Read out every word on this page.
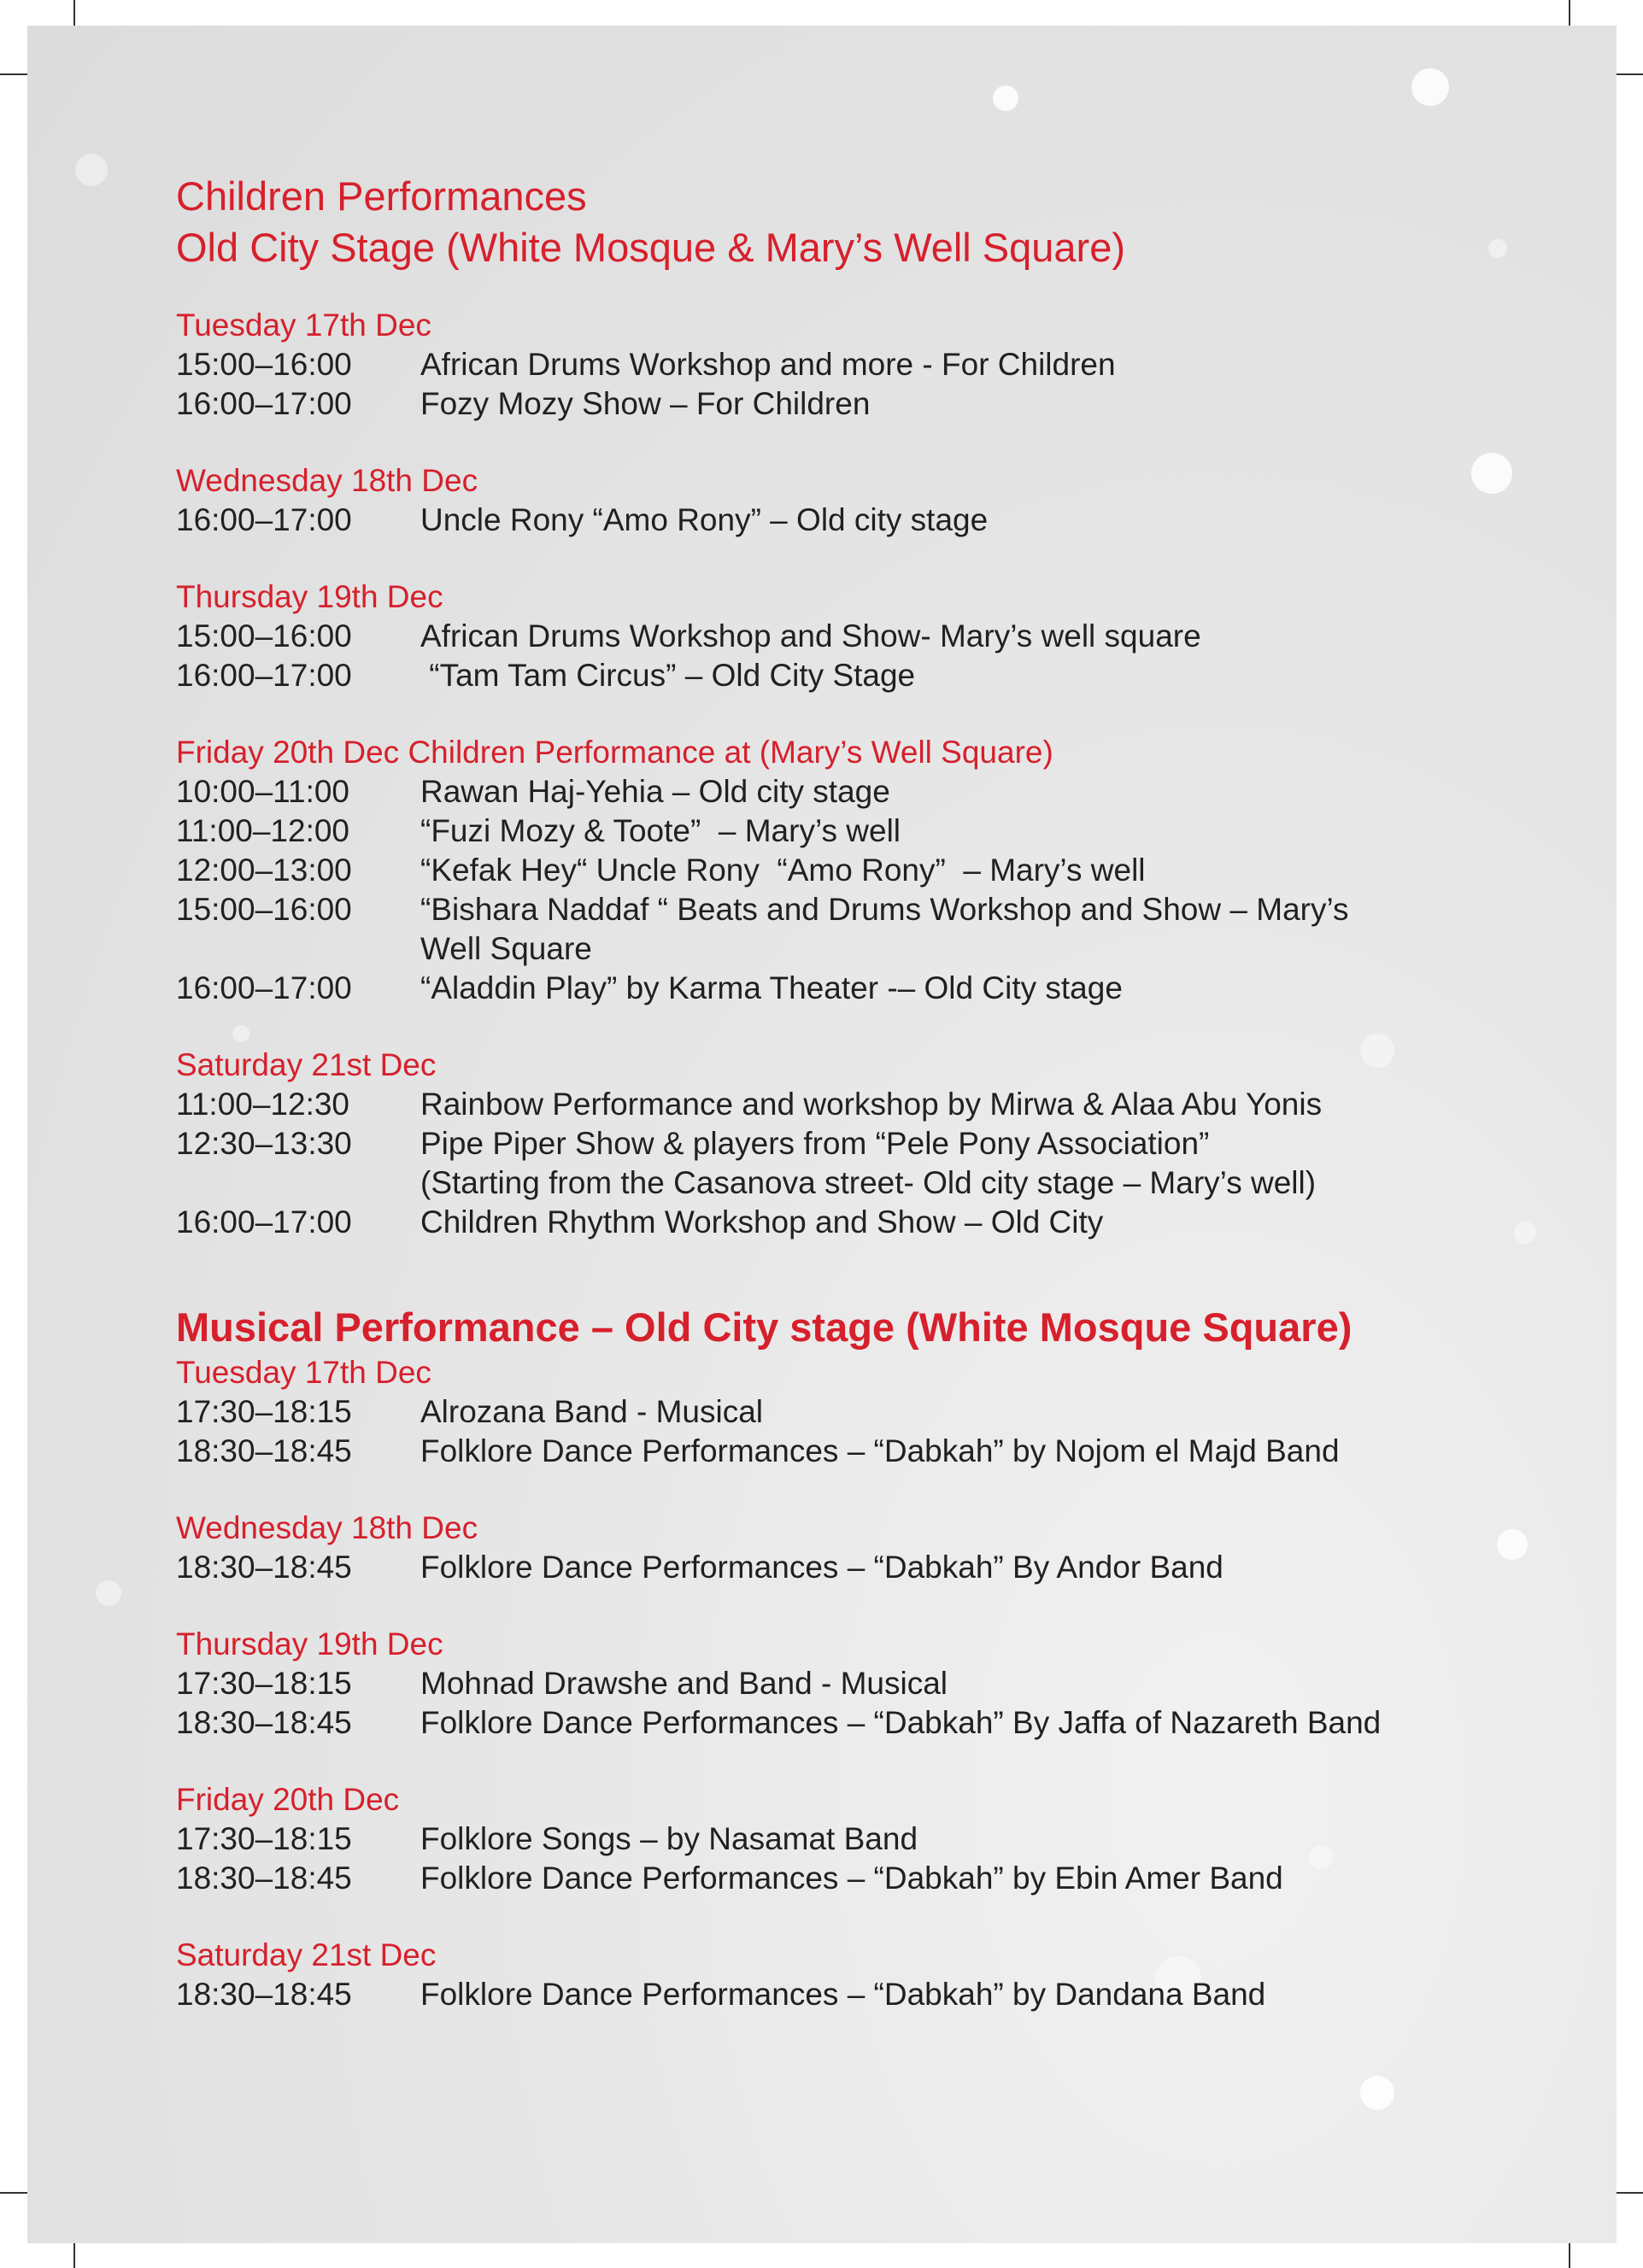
Children Performances
Old City Stage (White Mosque & Mary’s Well Square)

Tuesday 17th Dec

15:00–16:00	African Drums Workshop and more - For Children
16:00–17:00	Fozy Mozy Show – For Children

Wednesday 18th Dec

16:00–17:00	Uncle Rony “Amo Rony” – Old city stage

Thursday 19th Dec

15:00–16:00	African Drums Workshop and Show- Mary’s well square
16:00–17:00	“Tam Tam Circus” – Old City Stage

Friday 20th Dec Children Performance at (Mary’s Well Square)

10:00–11:00	Rawan Haj-Yehia – Old city stage
11:00–12:00	“Fuzi Mozy & Toote”  – Mary’s well
12:00–13:00	“Kefak Hey“ Uncle Rony  “Amo Rony”  – Mary’s well
15:00–16:00	“Bishara Naddaf “ Beats and Drums Workshop and Show – Mary’s Well Square
16:00–17:00	“Aladdin Play” by Karma Theater -– Old City stage

Saturday 21st Dec

11:00–12:30	Rainbow Performance and workshop by Mirwa & Alaa Abu Yonis
12:30–13:30	Pipe Piper Show & players from “Pele Pony Association”
(Starting from the Casanova street- Old city stage – Mary’s well)
16:00–17:00	Children Rhythm Workshop and Show – Old City
Musical Performance – Old City stage (White Mosque Square)

Tuesday 17th Dec

17:30–18:15	Alrozana Band - Musical
18:30–18:45	Folklore Dance Performances – “Dabkah” by Nojom el Majd Band

Wednesday 18th Dec

18:30–18:45	Folklore Dance Performances – “Dabkah” By Andor Band

Thursday 19th Dec

17:30–18:15	Mohnad Drawshe and Band - Musical
18:30–18:45	Folklore Dance Performances – “Dabkah” By Jaffa of Nazareth Band

Friday 20th Dec

17:30–18:15	Folklore Songs – by Nasamat Band
18:30–18:45	Folklore Dance Performances – “Dabkah” by Ebin Amer Band

Saturday 21st Dec

18:30–18:45	Folklore Dance Performances – “Dabkah” by Dandana Band
